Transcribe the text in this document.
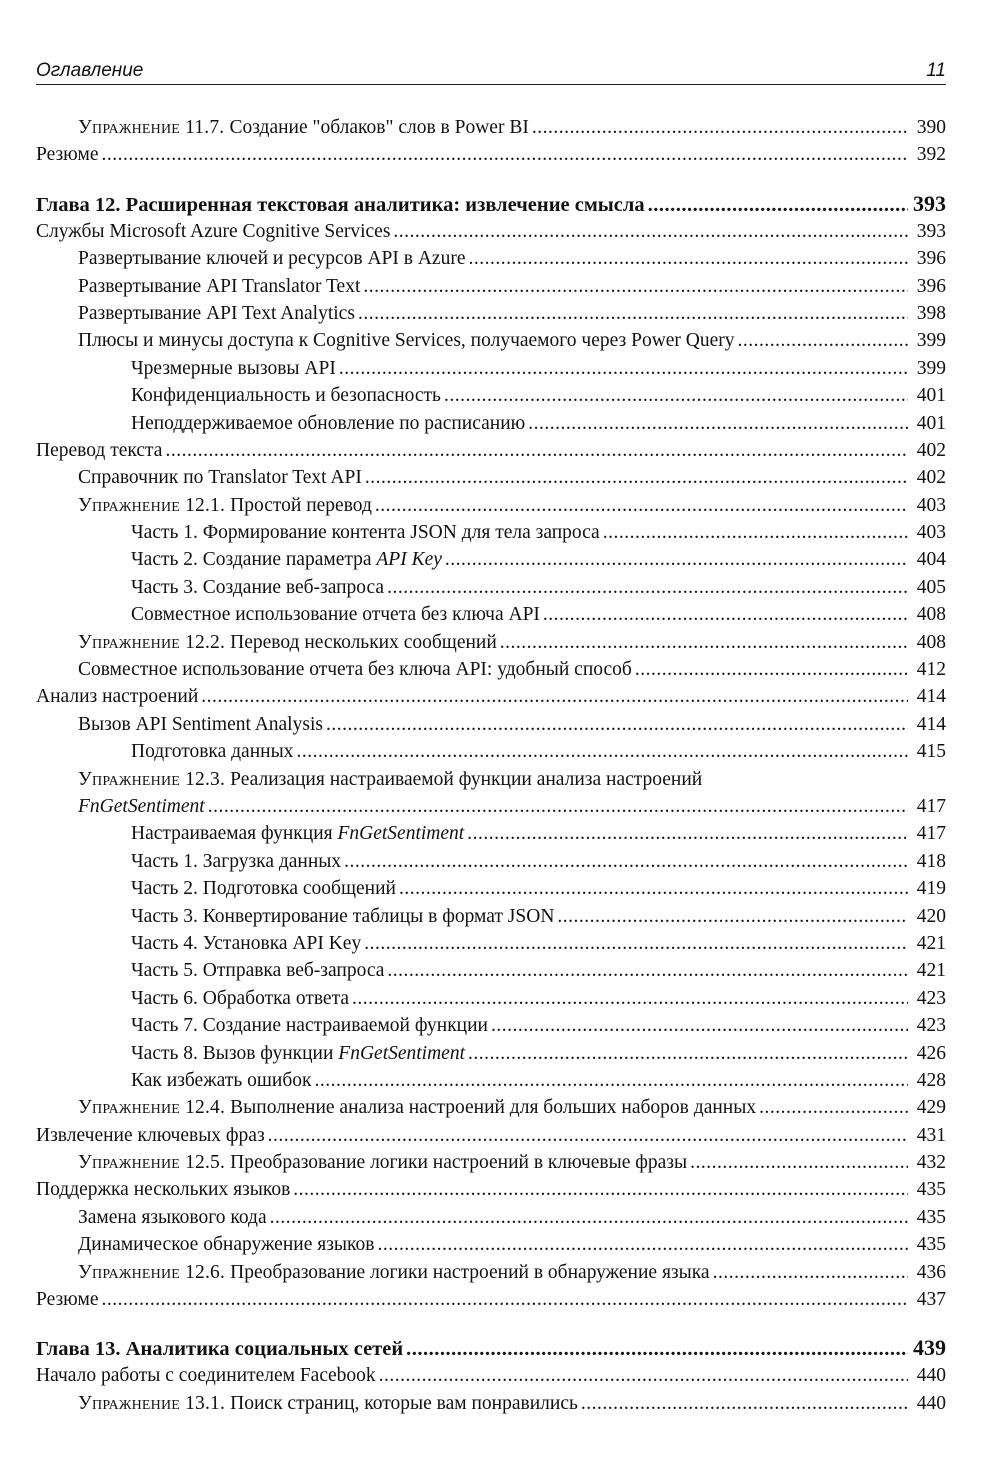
Оглавление	11
Упражнение 11.7. Создание "облаков" слов в Power BI .....	390
Резюме .....	392
Глава 12. Расширенная текстовая аналитика: извлечение смысла .....	393
Службы Microsoft Azure Cognitive Services .....	393
Развертывание ключей и ресурсов API в Azure .....	396
Развертывание API Translator Text .....	396
Развертывание API Text Analytics .....	398
Плюсы и минусы доступа к Cognitive Services, получаемого через Power Query .....	399
Чрезмерные вызовы API .....	399
Конфиденциальность и безопасность .....	401
Неподдерживаемое обновление по расписанию .....	401
Перевод текста .....	402
Справочник по Translator Text API .....	402
Упражнение 12.1. Простой перевод .....	403
Часть 1. Формирование контента JSON для тела запроса .....	403
Часть 2. Создание параметра API Key .....	404
Часть 3. Создание веб-запроса .....	405
Совместное использование отчета без ключа API .....	408
Упражнение 12.2. Перевод нескольких сообщений .....	408
Совместное использование отчета без ключа API: удобный способ .....	412
Анализ настроений .....	414
Вызов API Sentiment Analysis .....	414
Подготовка данных .....	415
Упражнение 12.3. Реализация настраиваемой функции анализа настроений
FnGetSentiment .....	417
Настраиваемая функция FnGetSentiment .....	417
Часть 1. Загрузка данных .....	418
Часть 2. Подготовка сообщений .....	419
Часть 3. Конвертирование таблицы в формат JSON .....	420
Часть 4. Установка API Key .....	421
Часть 5. Отправка веб-запроса .....	421
Часть 6. Обработка ответа .....	423
Часть 7. Создание настраиваемой функции .....	423
Часть 8. Вызов функции FnGetSentiment .....	426
Как избежать ошибок .....	428
Упражнение 12.4. Выполнение анализа настроений для больших наборов данных .....	429
Извлечение ключевых фраз .....	431
Упражнение 12.5. Преобразование логики настроений в ключевые фразы .....	432
Поддержка нескольких языков .....	435
Замена языкового кода .....	435
Динамическое обнаружение языков .....	435
Упражнение 12.6. Преобразование логики настроений в обнаружение языка .....	436
Резюме .....	437
Глава 13. Аналитика социальных сетей .....	439
Начало работы с соединителем Facebook .....	440
Упражнение 13.1. Поиск страниц, которые вам понравились .....	440
